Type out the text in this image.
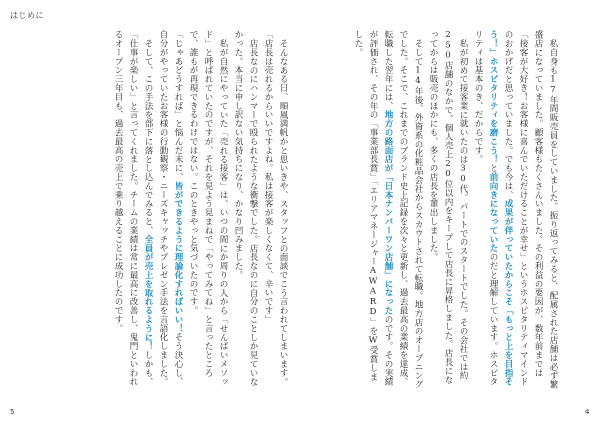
はじめに

そんなある日、順風満帆かと思いきや、スタッフとの面談でこう言われてしまいます。

「店長は売れるからいいですよね。私は接客が楽しくなくて、辛いです」

店長なのにハンマーで殴られたような衝撃でした。店長なのに自分のことしか見ていなかった。本当に申し訳ない気持ちになり、かなり凹みました。

私が自然にやっていた「売れる接客」は、いつの間にか周りの人から「せんぱいメソッド」と呼ばれていたのですが、それを見よう見まねで「やってみてね」と言ったところで、誰もが再現できるわけではない。このときやっと気づいたのです。

「じゃあどうすれば」と悩んだ末に、皆ができるように理論化すればいい！そう決心し、自分がやっていたお客様の行動観察・ニーズキャッチやプレゼン手法を言語化しました。

そして、この手法を部下に落とし込んでみると、全員が売上を取れるように！しかも、「仕事が楽しい」と言ってくれました。チームの業績は常に最高に改善し、鬼門といわれるオープン三年目も、過去最高の売上で乗り越えることに成功したのです。	私自身も17年間販売員をしていました。振り返ってみると、配属された店舗は必ず繁盛店になっていました。顧客様もたくさんいました。その利益の要因が、数年前までは「接客が大好き！お客様に喜んでいただけることが幸せ」というホスピタリティマインドのおかげだと思っていました。でも今は、成果が伴っていたからこそ「もっと上を目指そう！」ホスピタリティを磨こう！と前向きになっていたのだと理解しています。ホスピタリティは基本のき、だからです。

私が初めて接客業に就いたのは30代。パートでのスタートでした。その会社では約250店舗のなかで、個人売上20位以内をキープして店長に昇格しました。店長になってからは販売のほかにも、多くの店長を輩出しました。

そして14年後、外資系の化粧品会社からスカウトされて転職。地方店のオープニングでした。そこで、これまでのブランド史上記録を次々と更新し、過去最高の業績を達成。転職した翌年には、地方の路面店が「日本ナンバーワン店舗」になったのです。その実績が評価され、その年の「事業部長賞」「エリアマネージャーAWARD」をW受賞しました。

5	4
